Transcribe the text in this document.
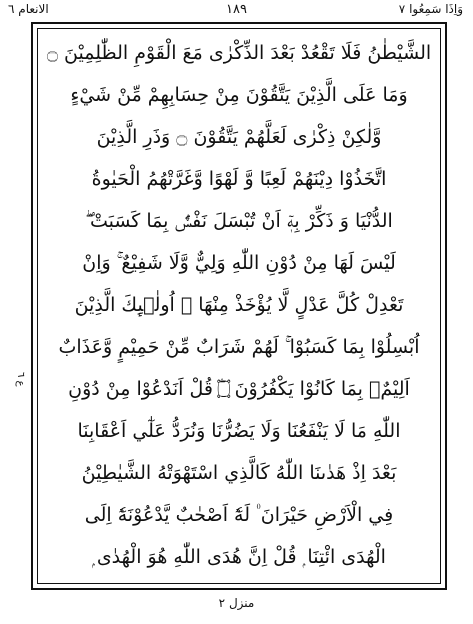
الانعام ٦	١٨٩	وَاِذَا سَمِعُوا ٧
الشَّيْطٰنُ فَلَا تَقْعُدْ بَعْدَ الذِّكْرٰى مَعَ الْقَوْمِ الظّٰلِمِيْنَ ۝
وَمَا عَلَى الَّذِيْنَ يَتَّقُوْنَ مِنْ حِسَابِهِمْ مِّنْ شَيْءٍ
وَّلٰكِنْ ذِكْرٰى لَعَلَّهُمْ يَتَّقُوْنَ ۝ وَذَرِ الَّذِيْنَ
اتَّخَذُوْا دِيْنَهُمْ لَعِبًا وَّ لَهْوًا وَّغَرَّتْهُمُ الْحَيٰوةُ
الدُّنْيَا وَ ذَكِّرْ بِهٖٓ اَنْ تُبْسَلَ نَفْسٌۢ بِمَا كَسَبَتْ ۖ
لَيْسَ لَهَا مِنْ دُوْنِ اللّٰهِ وَلِيٌّ وَّلَا شَفِيْعٌ ۚ وَاِنْ
تَعْدِلْ كُلَّ عَدْلٍ لَّا يُؤْخَذْ مِنْهَا ۭ اُولٰۗىِٕكَ الَّذِيْنَ
اُبْسِلُوْا بِمَا كَسَبُوْا ۚ لَهُمْ شَرَابٌ مِّنْ حَمِيْمٍ وَّعَذَابٌ
اَلِيْمٌۢ بِمَا كَانُوْا يَكْفُرُوْنَ ۝ۧ قُلْ اَنَدْعُوْا مِنْ دُوْنِ
اللّٰهِ مَا لَا يَنْفَعُنَا وَلَا يَضُرُّنَا وَنُرَدُّ عَلٰٓي اَعْقَابِنَا
بَعْدَ اِذْ هَدٰىنَا اللّٰهُ كَالَّذِي اسْتَهْوَتْهُ الشَّيٰطِيْنُ
فِي الْاَرْضِ حَيْرَانَ ۠ لَهٗٓ اَصْحٰبٌ يَّدْعُوْنَهٗٓ اِلَى
الْهُدَى ائْتِنَا ۭ قُلْ اِنَّ هُدَى اللّٰهِ هُوَ الْهُدٰى ۭ
ع ٦
منزل ٢
